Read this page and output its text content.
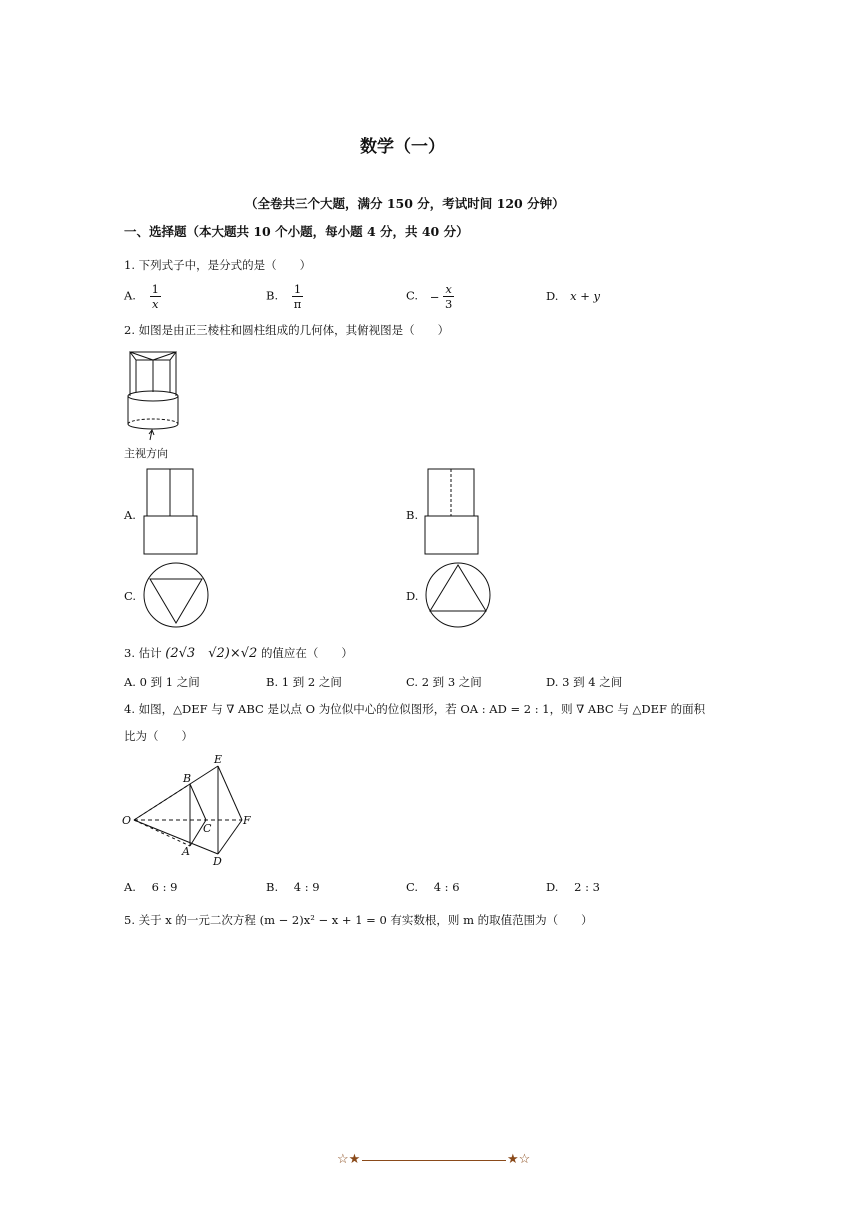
数学（一）
（全卷共三个大题，满分 150 分，考试时间 120 分钟）
一、选择题（本大题共 10 个小题，每小题 4 分，共 40 分）
1. 下列式子中，是分式的是（　　）
A. $\frac{1}{x}$	B. $\frac{1}{\pi}$	C. − $\frac{x}{3}$	D. x + y
2. 如图是由正三棱柱和圆柱组成的几何体，其俯视图是（　　）
主视方向
A.	B.
C.	D.
3. 估计 (2√3　√2)×√2 的值应在（　　）
A. 0 到 1 之间	B. 1 到 2 之间	C. 2 到 3 之间	D. 3 到 4 之间
4. 如图，△DEF 与 ∇ ABC 是以点 O 为位似中心的位似图形，若 OA : AD = 2 : 1，则 ∇ ABC 与 △DEF 的面积
比为（　　）
O
B
A
C
E
D
F
A. 6 : 9	B. 4 : 9	C. 4 : 6	D. 2 : 3
5. 关于 x 的一元二次方程 (m − 2)x² − x + 1 = 0 有实数根，则 m 的取值范围为（　　）
☆★	★☆
